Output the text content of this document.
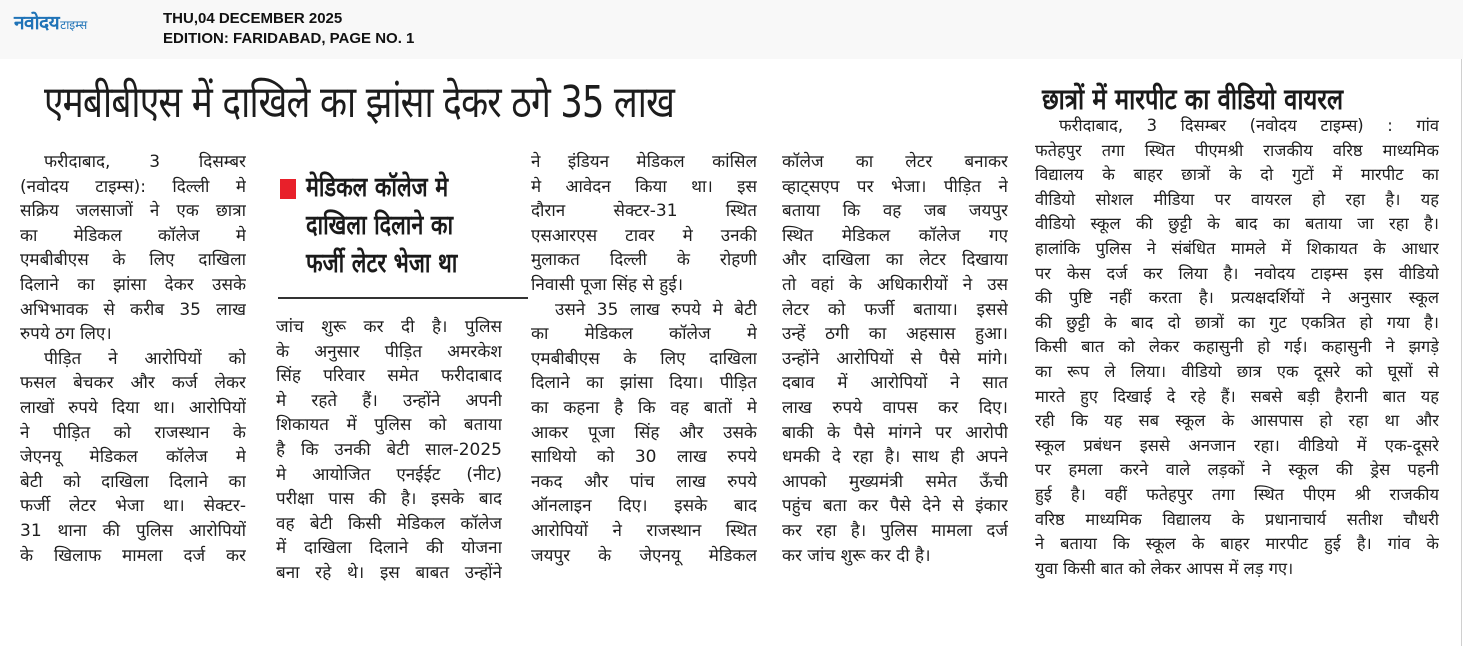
नवोदय टाइम्स	THU,04 DECEMBER 2025
EDITION: FARIDABAD, PAGE NO. 1
एमबीबीएस में दाखिले का झांसा देकर ठगे 35 लाख
फरीदाबाद, 3 दिसम्बर
(नवोदय टाइम्स): दिल्ली मे
सक्रिय जलसाजों ने एक छात्रा
का मेडिकल कॉलेज मे
एमबीबीएस के लिए दाखिला
दिलाने का झांसा देकर उसके
अभिभावक से करीब 35 लाख
रुपये ठग लिए।
पीड़ित ने आरोपियों को
फसल बेचकर और कर्ज लेकर
लाखों रुपये दिया था। आरोपियों
ने पीड़ित को राजस्थान के
जेएनयू मेडिकल कॉलेज मे
बेटी को दाखिला दिलाने का
फर्जी लेटर भेजा था। सेक्टर-
31 थाना की पुलिस आरोपियों
के खिलाफ मामला दर्ज कर
मेडिकल कॉलेज मे
दाखिला दिलाने का
फर्जी लेटर भेजा था
जांच शुरू कर दी है। पुलिस
के अनुसार पीड़ित अमरकेश
सिंह परिवार समेत फरीदाबाद
मे रहते हैं। उन्होंने अपनी
शिकायत में पुलिस को बताया
है कि उनकी बेटी साल-2025
मे आयोजित एनईईट (नीट)
परीक्षा पास की है। इसके बाद
वह बेटी किसी मेडिकल कॉलेज
में दाखिला दिलाने की योजना
बना रहे थे। इस बाबत उन्होंने
ने इंडियन मेडिकल कांसिल
मे आवेदन किया था। इस
दौरान सेक्टर-31 स्थित
एसआरएस टावर मे उनकी
मुलाकत दिल्ली के रोहणी
निवासी पूजा सिंह से हुई।
उसने 35 लाख रुपये मे बेटी
का मेडिकल कॉलेज मे
एमबीबीएस के लिए दाखिला
दिलाने का झांसा दिया। पीड़ित
का कहना है कि वह बातों मे
आकर पूजा सिंह और उसके
साथियो को 30 लाख रुपये
नकद और पांच लाख रुपये
ऑनलाइन दिए। इसके बाद
आरोपियों ने राजस्थान स्थित
जयपुर के जेएनयू मेडिकल
कॉलेज का लेटर बनाकर
व्हाट्सएप पर भेजा। पीड़ित ने
बताया कि वह जब जयपुर
स्थित मेडिकल कॉलेज गए
और दाखिला का लेटर दिखाया
तो वहां के अधिकारीयों ने उस
लेटर को फर्जी बताया। इससे
उन्हें ठगी का अहसास हुआ।
उन्होंने आरोपियों से पैसे मांगे।
दबाव में आरोपियों ने सात
लाख रुपये वापस कर दिए।
बाकी के पैसे मांगने पर आरोपी
धमकी दे रहा है। साथ ही अपने
आपको मुख्यमंत्री समेत ऊँची
पहुंच बता कर पैसे देने से इंकार
कर रहा है। पुलिस मामला दर्ज
कर जांच शुरू कर दी है।
छात्रों में मारपीट का वीडियो वायरल
फरीदाबाद, 3 दिसम्बर (नवोदय टाइम्स) : गांव
फतेहपुर तगा स्थित पीएमश्री राजकीय वरिष्ठ माध्यमिक
विद्यालय के बाहर छात्रों के दो गुटों में मारपीट का
वीडियो सोशल मीडिया पर वायरल हो रहा है। यह
वीडियो स्कूल की छुट्टी के बाद का बताया जा रहा है।
हालांकि पुलिस ने संबंधित मामले में शिकायत के आधार
पर केस दर्ज कर लिया है। नवोदय टाइम्स इस वीडियो
की पुष्टि नहीं करता है। प्रत्यक्षदर्शियों ने अनुसार स्कूल
की छुट्टी के बाद दो छात्रों का गुट एकत्रित हो गया है।
किसी बात को लेकर कहासुनी हो गई। कहासुनी ने झगड़े
का रूप ले लिया। वीडियो छात्र एक दूसरे को घूसों से
मारते हुए दिखाई दे रहे हैं। सबसे बड़ी हैरानी बात यह
रही कि यह सब स्कूल के आसपास हो रहा था और
स्कूल प्रबंधन इससे अनजान रहा। वीडियो में एक-दूसरे
पर हमला करने वाले लड़कों ने स्कूल की ड्रेस पहनी
हुई है। वहीं फतेहपुर तगा स्थित पीएम श्री राजकीय
वरिष्ठ माध्यमिक विद्यालय के प्रधानाचार्य सतीश चौधरी
ने बताया कि स्कूल के बाहर मारपीट हुई है। गांव के
युवा किसी बात को लेकर आपस में लड़ गए।
